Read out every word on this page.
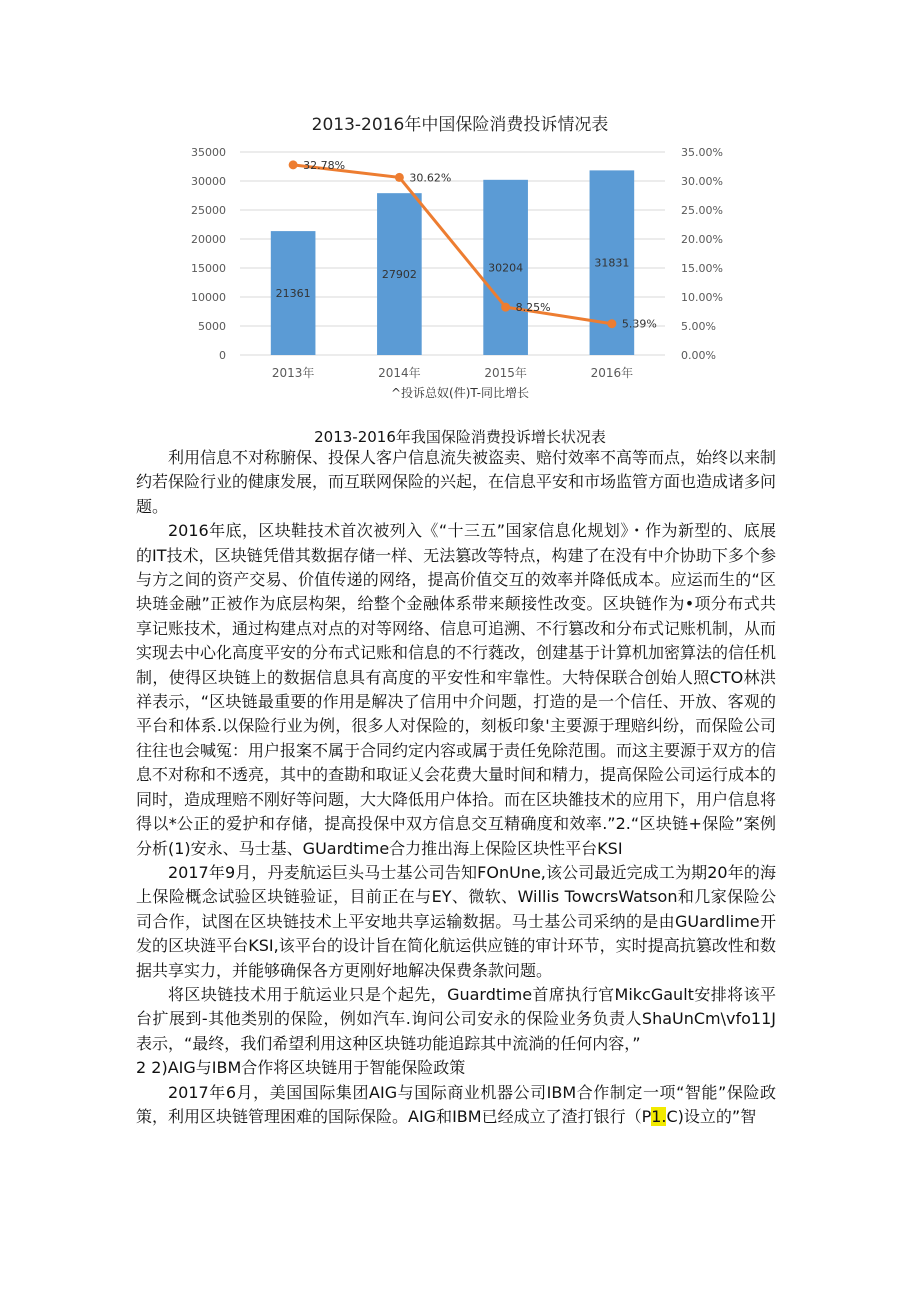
2013-2016年中国保险消费投诉情况表
0
5000
10000
15000
20000
25000
30000
35000
0.00%
5.00%
10.00%
15.00%
20.00%
25.00%
30.00%
35.00%
21361
2013年
27902
2014年
30204
2015年
31831
2016年
32.78%
30.62%
8.25%
5.39%
^投诉总奴(件)T-同比增长
2013-2016年我国保险消费投诉增长状况表

利用信息不对称腑保、投保人客户信息流失被盗卖、赔付效率不高等而点，始终以来制约若保险行业的健康发展，而互联网保险的兴起，在信息平安和市场监管方面也造成诸多问题。

2016年底，区块鞋技术首次被列入《“十三五”国家信息化规划》・作为新型的、底展的IT技术，区块链凭借其数据存储一样、无法篡改等特点，构建了在没有中介协助下多个参与方之间的资产交易、价值传递的网络，提高价值交互的效率并降低成本。应运而生的“区块琏金融”正被作为底层构架，给整个金融体系带来颠接性改变。区块链作为•项分布式共享记账技术，通过构建点对点的对等网络、信息可追溯、不行篡改和分布式记账机制，从而实现去中心化高度平安的分布式记账和信息的不行蕤改，创建基于计算机加密算法的信任机制，使得区块链上的数据信息具有高度的平安性和牢靠性。大特保联合创始人照CTO林洪祥表示，“区块链最重要的作用是解决了信用中介问题，打造的是一个信任、开放、客观的平台和体系.以保险行业为例，很多人对保险的，刻板印象'主要源于理赔纠纷，而保险公司往往也会喊冤：用户报案不属于合同约定内容或属于责任免除范围。而这主要源于双方的信息不对称和不透亮，其中的查勘和取证乂会花费大量时间和精力，提高保险公司运行成本的同时，造成理赔不刚好等问题，大大降低用户体拾。而在区块雒技术的应用下，用户信息将得以*公正的爱护和存储，提高投保中双方信息交互精确度和效率.”2.“区块链+保险”案例分析(1)安永、马士基、GUardtime合力推出海上保险区块性平台KSI

2017年9月，丹麦航运巨头马士基公司告知FOnUne,该公司最近完成工为期20年的海上保险概念试验区块链验证，目前正在与EY、微软、Willis TowcrsWatson和几家保险公司合作，试图在区块链技术上平安地共享运输数据。马士基公司采纳的是由GUardlime开发的区块涟平台KSI,该平台的设计旨在简化航运供应链的审计环节，实时提高抗篡改性和数据共享实力，并能够确保各方更刚好地解决保费条款问题。

将区块链技术用于航运业只是个起先，Guardtime首席执行官MikcGault安排将该平台扩展到-其他类别的保险，例如汽车.询问公司安永的保险业务负责人ShaUnCm\vfo11J表示，“最终，我们希望利用这种区块链功能追踪其中流淌的任何内容，”

2 2)AIG与IBM合作将区块链用于智能保险政策

2017年6月，美国国际集团AIG与国际商业机器公司IBM合作制定一项“智能”保险政策，利用区块链管理困难的国际保险。AIG和IBM已经成立了渣打银行（P1.C)设立的”智
